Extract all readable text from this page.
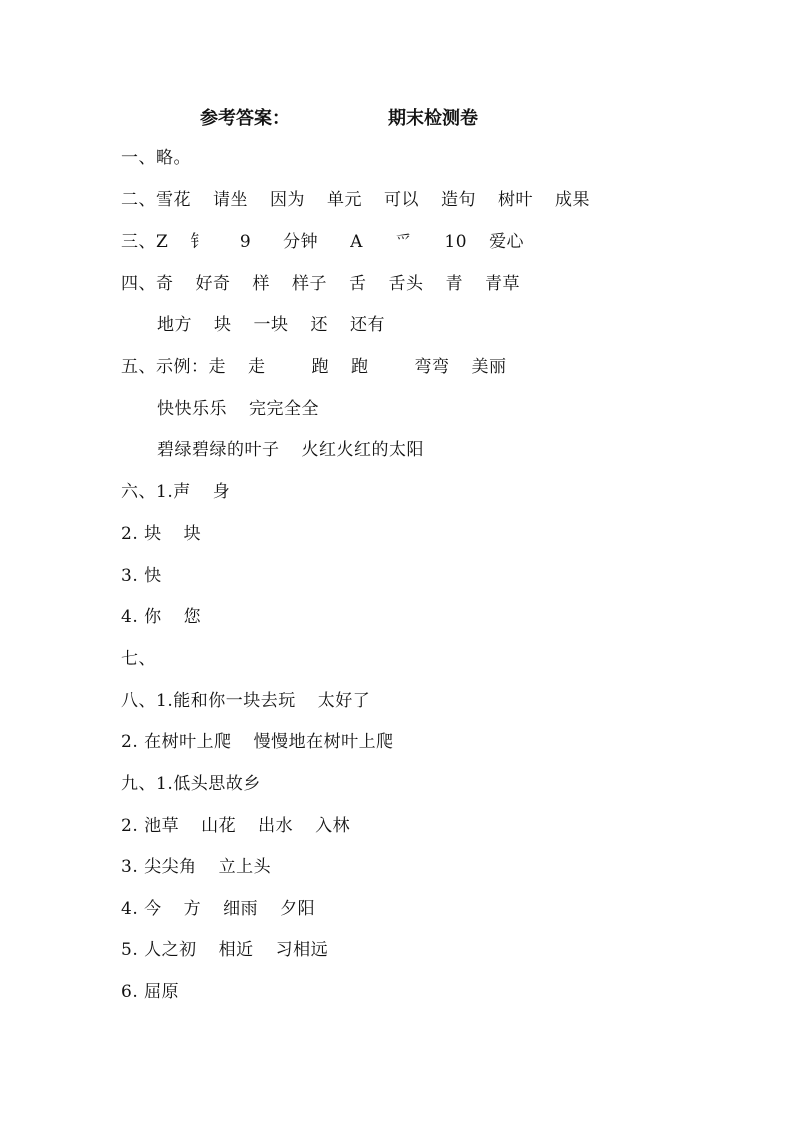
参考答案：	期末检测卷
一、略。
二、雪花 请坐 因为 单元 可以 造句 树叶 成果
三、Z 钅 9 分钟 A 爫 10 爱心
四、奇 好奇 样 样子 舌 舌头 青 青草
地方 块 一块 还 还有
五、示例：走 走	跑 跑	弯弯 美丽
快快乐乐 完完全全
碧绿碧绿的叶子 火红火红的太阳
六、1.声 身
2. 块 块
3. 快
4. 你 您
七、
八、1.能和你一块去玩 太好了
2. 在树叶上爬 慢慢地在树叶上爬
九、1.低头思故乡
2. 池草 山花 出水 入林
3. 尖尖角 立上头
4. 今 方 细雨 夕阳
5. 人之初 相近 习相远
6. 屈原
